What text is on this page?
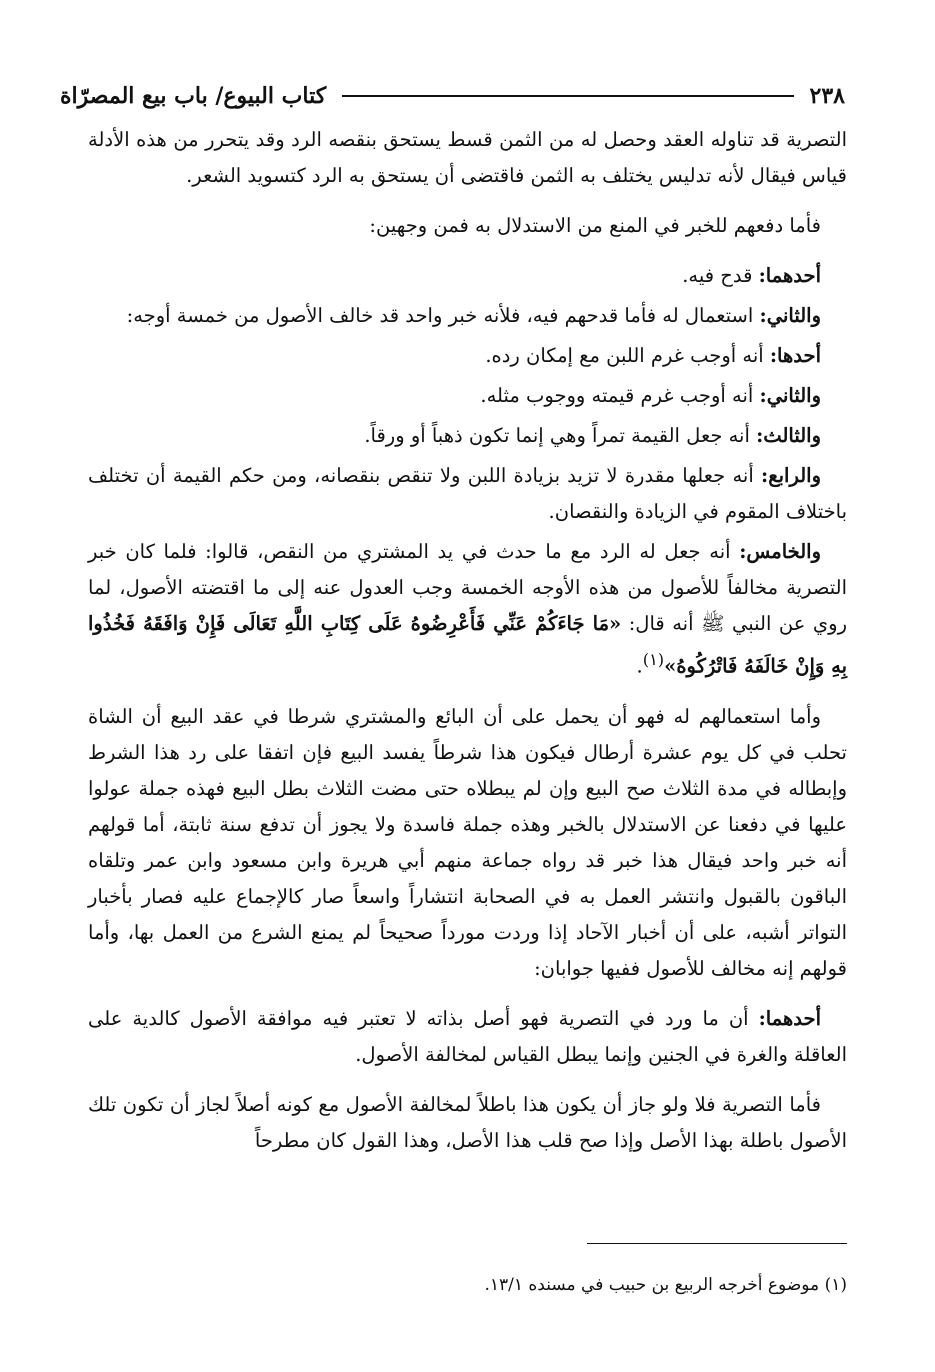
٢٣٨
كتاب البيوع/ باب بيع المصرّاة

التصرية قد تناوله العقد وحصل له من الثمن قسط يستحق بنقصه الرد وقد يتحرر من هذه الأدلة قياس فيقال لأنه تدليس يختلف به الثمن فاقتضى أن يستحق به الرد كتسويد الشعر.

فأما دفعهم للخبر في المنع من الاستدلال به فمن وجهين:

أحدهما: قدح فيه.

والثاني: استعمال له فأما قدحهم فيه، فلأنه خبر واحد قد خالف الأصول من خمسة أوجه:

أحدها: أنه أوجب غرم اللبن مع إمكان رده.

والثاني: أنه أوجب غرم قيمته ووجوب مثله.

والثالث: أنه جعل القيمة تمراً وهي إنما تكون ذهباً أو ورقاً.

والرابع: أنه جعلها مقدرة لا تزيد بزيادة اللبن ولا تنقص بنقصانه، ومن حكم القيمة أن تختلف باختلاف المقوم في الزيادة والنقصان.

والخامس: أنه جعل له الرد مع ما حدث في يد المشتري من النقص، قالوا: فلما كان خبر التصرية مخالفاً للأصول من هذه الأوجه الخمسة وجب العدول عنه إلى ما اقتضته الأصول، لما روي عن النبي ﷺ أنه قال: «مَا جَاءَكُمْ عَنِّي فَأَعْرِضُوهُ عَلَى كِتَابِ اللَّهِ تَعَالَى فَإِنْ وَافَقَهُ فَخُذُوا بِهِ وَإِنْ خَالَفَهُ فَاتْرُكُوهُ»$^{(١)}$.

وأما استعمالهم له فهو أن يحمل على أن البائع والمشتري شرطا في عقد البيع أن الشاة تحلب في كل يوم عشرة أرطال فيكون هذا شرطاً يفسد البيع فإن اتفقا على رد هذا الشرط وإبطاله في مدة الثلاث صح البيع وإن لم يبطلاه حتى مضت الثلاث بطل البيع فهذه جملة عولوا عليها في دفعنا عن الاستدلال بالخبر وهذه جملة فاسدة ولا يجوز أن تدفع سنة ثابتة، أما قولهم أنه خبر واحد فيقال هذا خبر قد رواه جماعة منهم أبي هريرة وابن مسعود وابن عمر وتلقاه الباقون بالقبول وانتشر العمل به في الصحابة انتشاراً واسعاً صار كالإجماع عليه فصار بأخبار التواتر أشبه، على أن أخبار الآحاد إذا وردت مورداً صحيحاً لم يمنع الشرع من العمل بها، وأما قولهم إنه مخالف للأصول ففيها جوابان:

أحدهما: أن ما ورد في التصرية فهو أصل بذاته لا تعتبر فيه موافقة الأصول كالدية على العاقلة والغرة في الجنين وإنما يبطل القياس لمخالفة الأصول.

فأما التصرية فلا ولو جاز أن يكون هذا باطلاً لمخالفة الأصول مع كونه أصلاً لجاز أن تكون تلك الأصول باطلة بهذا الأصل وإذا صح قلب هذا الأصل، وهذا القول كان مطرحاً

(١) موضوع أخرجه الربيع بن حبيب في مسنده ١٣/١.
